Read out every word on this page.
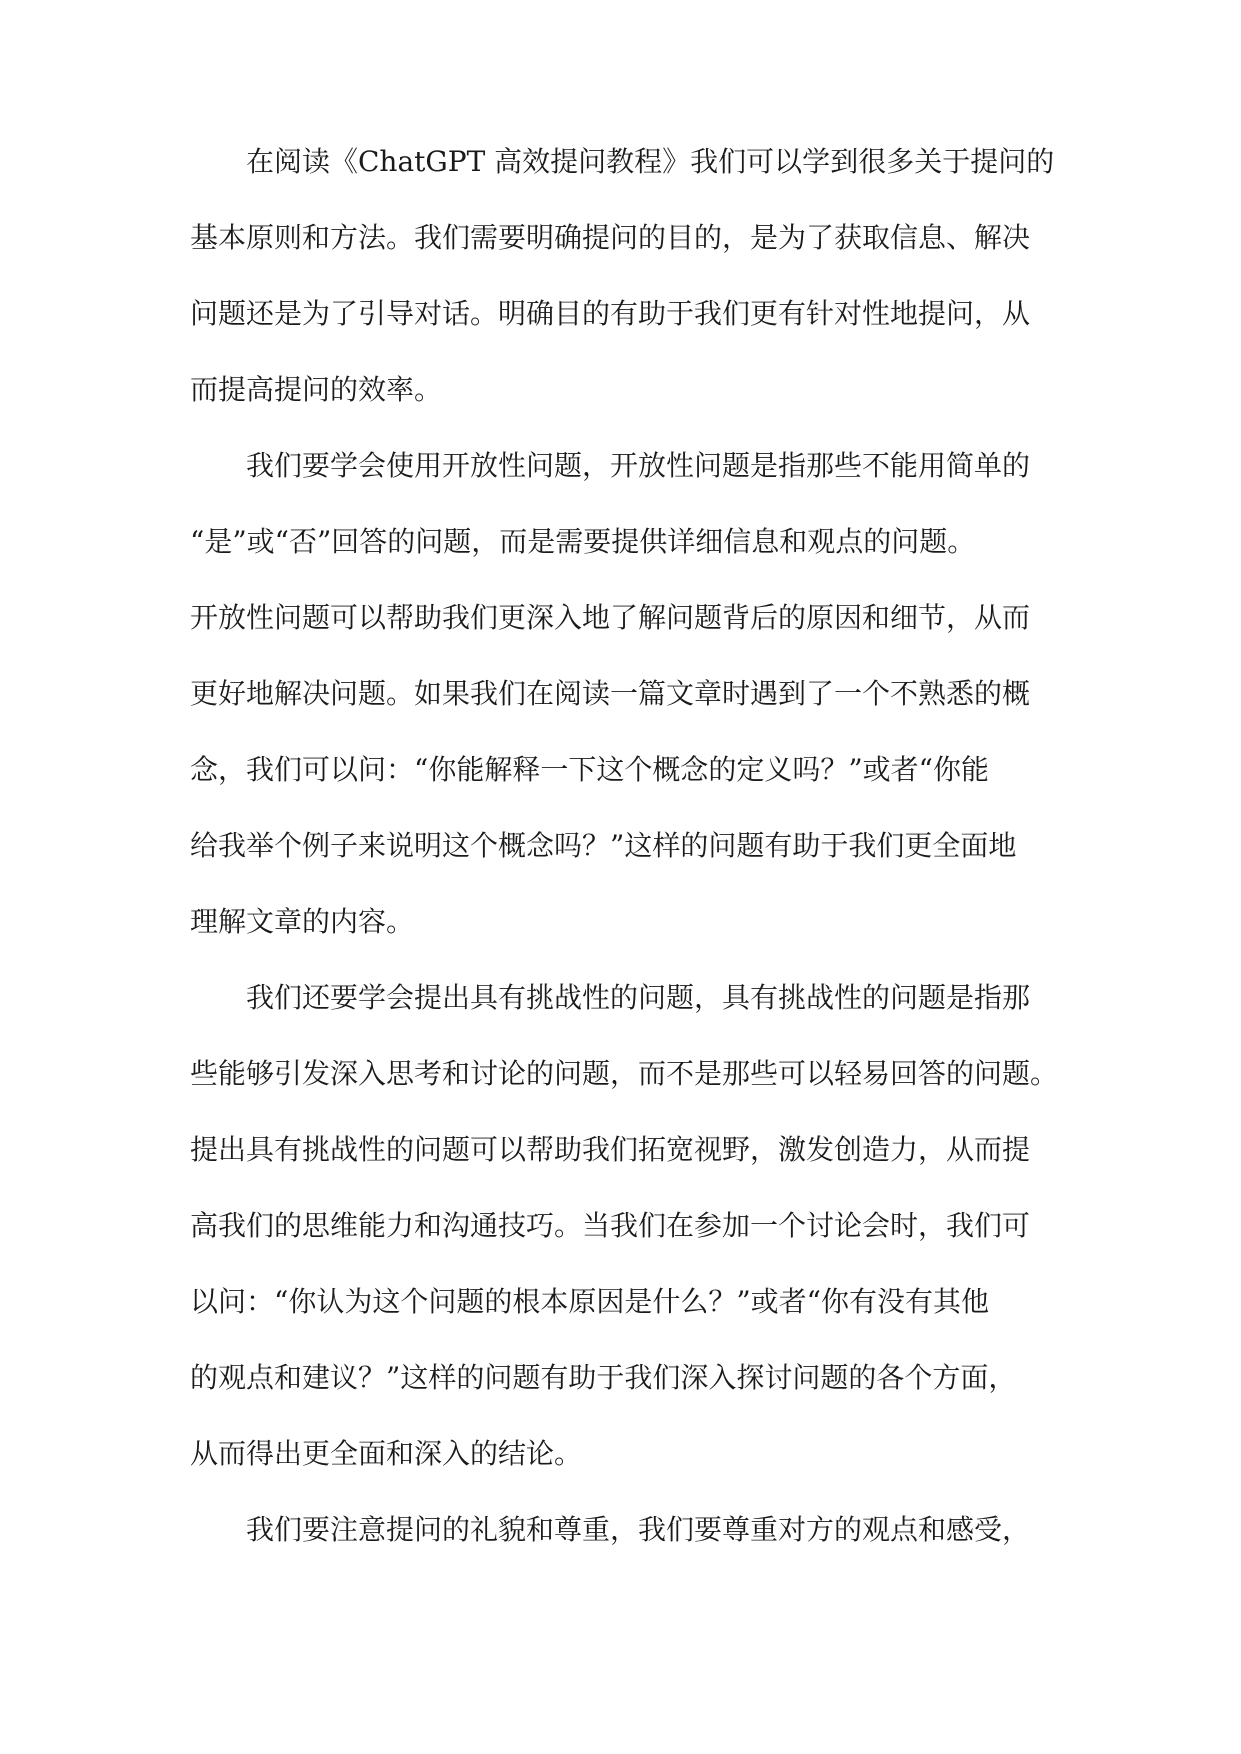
在阅读《ChatGPT 高效提问教程》我们可以学到很多关于提问的
基本原则和方法。我们需要明确提问的目的，是为了获取信息、解决
问题还是为了引导对话。明确目的有助于我们更有针对性地提问，从
而提高提问的效率。
我们要学会使用开放性问题，开放性问题是指那些不能用简单的
“是”或“否”回答的问题，而是需要提供详细信息和观点的问题。
开放性问题可以帮助我们更深入地了解问题背后的原因和细节，从而
更好地解决问题。如果我们在阅读一篇文章时遇到了一个不熟悉的概
念，我们可以问：“你能解释一下这个概念的定义吗？”或者“你能
给我举个例子来说明这个概念吗？”这样的问题有助于我们更全面地
理解文章的内容。
我们还要学会提出具有挑战性的问题，具有挑战性的问题是指那
些能够引发深入思考和讨论的问题，而不是那些可以轻易回答的问题。
提出具有挑战性的问题可以帮助我们拓宽视野，激发创造力，从而提
高我们的思维能力和沟通技巧。当我们在参加一个讨论会时，我们可
以问：“你认为这个问题的根本原因是什么？”或者“你有没有其他
的观点和建议？”这样的问题有助于我们深入探讨问题的各个方面，
从而得出更全面和深入的结论。
我们要注意提问的礼貌和尊重，我们要尊重对方的观点和感受，
